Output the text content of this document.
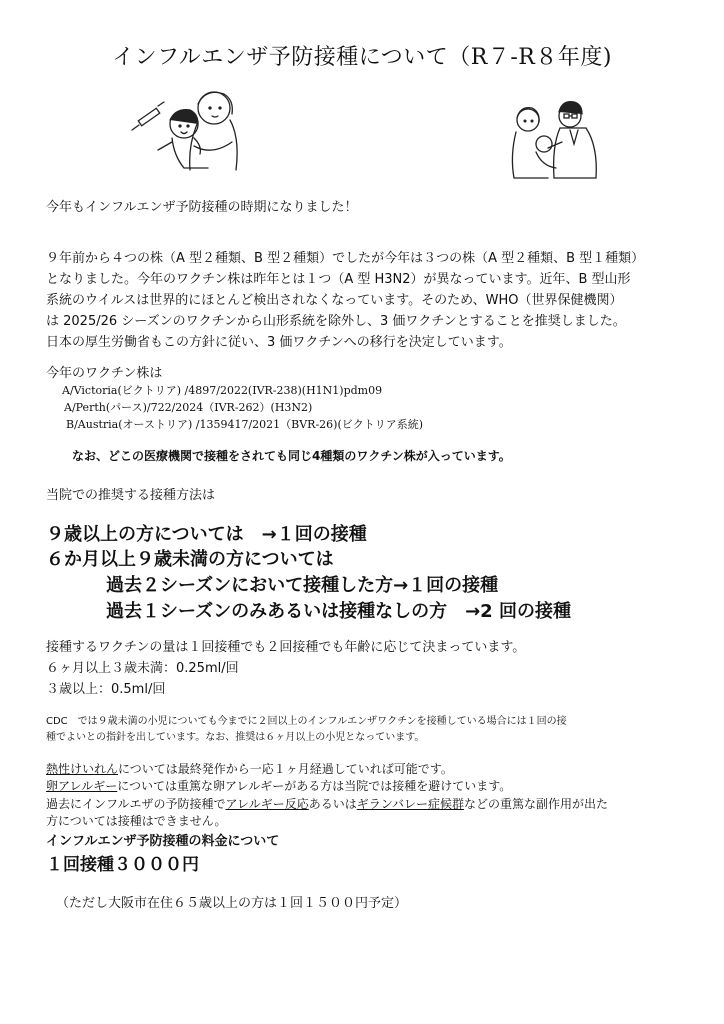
インフルエンザ予防接種について（R７-R８年度)
今年もインフルエンザ予防接種の時期になりました！
９年前から４つの株（A 型２種類、B 型２種類）でしたが今年は３つの株（A 型２種類、B 型１種類）
となりました。今年のワクチン株は昨年とは１つ（A 型 H3N2）が異なっています。近年、B 型山形
系統のウイルスは世界的にほとんど検出されなくなっています。そのため、WHO（世界保健機関）
は 2025/26 シーズンのワクチンから山形系統を除外し、3 価ワクチンとすることを推奨しました。
日本の厚生労働省もこの方針に従い、3 価ワクチンへの移行を決定しています。
今年のワクチン株は
A/Victoria(ビクトリア) /4897/2022(IVR-238)(H1N1)pdm09
A/Perth(パース)/722/2024（IVR-262）(H3N2)
B/Austria(オーストリア) /1359417/2021（BVR-26)(ビクトリア系統)
なお、どこの医療機関で接種をされても同じ4種類のワクチン株が入っています。
当院での推奨する接種方法は
９歳以上の方については　→１回の接種
６か月以上９歳未満の方については
過去２シーズンにおいて接種した方→１回の接種
過去１シーズンのみあるいは接種なしの方　→2 回の接種
接種するワクチンの量は１回接種でも２回接種でも年齢に応じて決まっています。
６ヶ月以上３歳未満：0.25ml/回
３歳以上：0.5ml/回
CDC　では９歳未満の小児についても今までに２回以上のインフルエンザワクチンを接種している場合には１回の接
種でよいとの指針を出しています。なお、推奨は６ヶ月以上の小児となっています。
熱性けいれんについては最終発作から一応１ヶ月経過していれば可能です。
卵アレルギーについては重篤な卵アレルギーがある方は当院では接種を避けています。
過去にインフルエザの予防接種でアレルギー反応あるいはギランバレー症候群などの重篤な副作用が出た
方については接種はできません。
インフルエンザ予防接種の料金について
１回接種３０００円
（ただし大阪市在住６５歳以上の方は１回１５００円予定）
